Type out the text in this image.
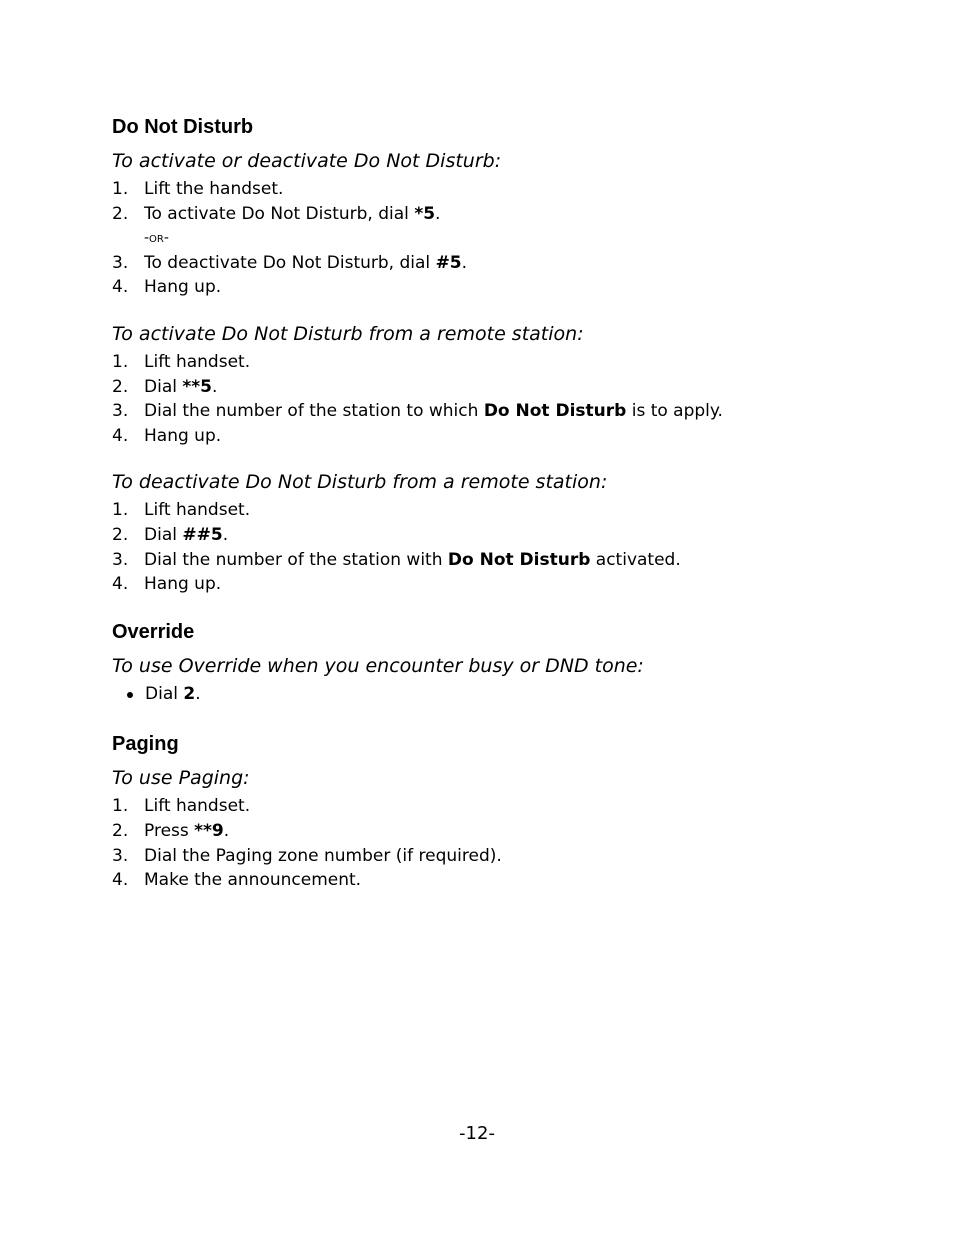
Do Not Disturb
To activate or deactivate Do Not Disturb:
1. Lift the handset.
2. To activate Do Not Disturb, dial *5.
-or-
3. To deactivate Do Not Disturb, dial #5.
4. Hang up.
To activate Do Not Disturb from a remote station:
1. Lift handset.
2. Dial **5.
3. Dial the number of the station to which Do Not Disturb is to apply.
4. Hang up.
To deactivate Do Not Disturb from a remote station:
1. Lift handset.
2. Dial ##5.
3. Dial the number of the station with Do Not Disturb activated.
4. Hang up.
Override
To use Override when you encounter busy or DND tone:
Dial 2.
Paging
To use Paging:
1. Lift handset.
2. Press **9.
3. Dial the Paging zone number (if required).
4. Make the announcement.
-12-
